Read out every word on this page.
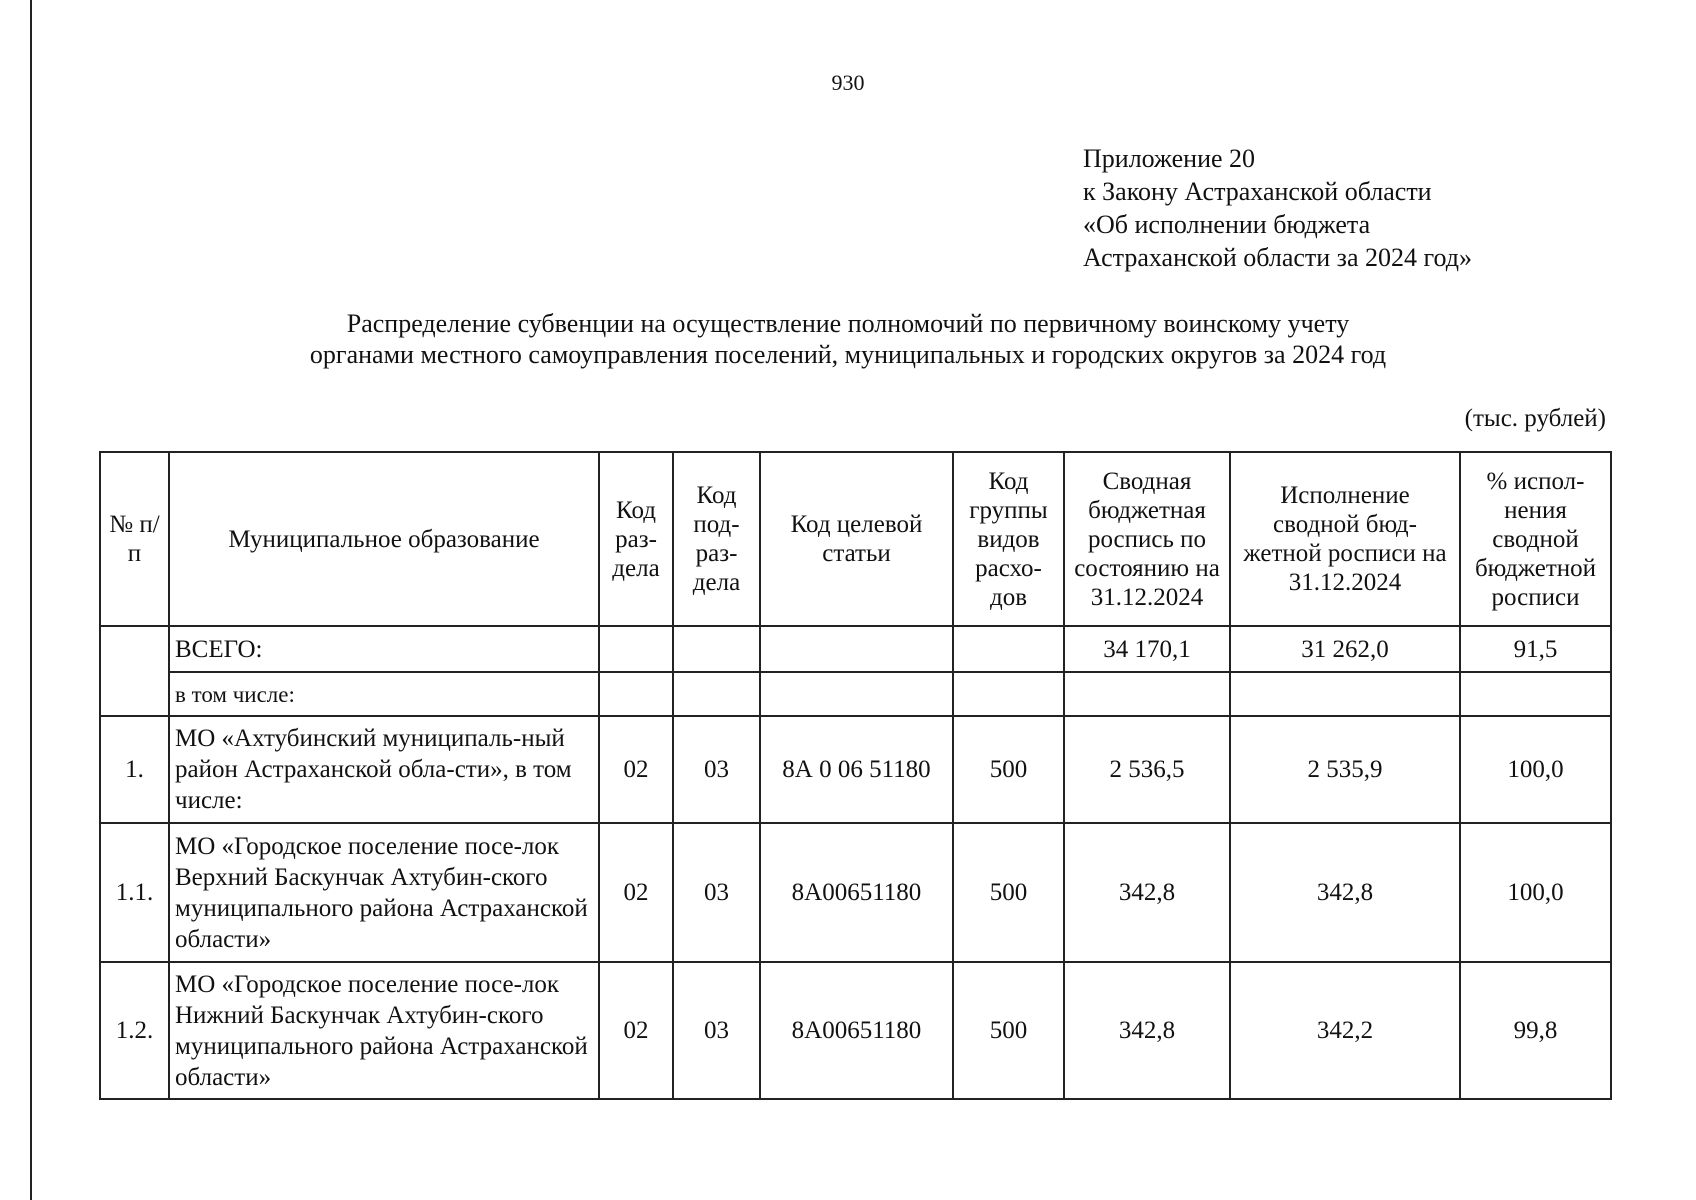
930
Приложение 20
к Закону Астраханской области
«Об исполнении бюджета
Астраханской области за 2024 год»
Распределение субвенции на осуществление полномочий по первичному воинскому учету
органами местного самоуправления поселений, муниципальных и городских округов за 2024 год
(тыс. рублей)
№ п/п	Муниципальное образование	Код раз-дела	Код под-раз-дела	Код целевой статьи	Код группы видов расхо-дов	Сводная бюджетная роспись по состоянию на 31.12.2024	Исполнение сводной бюд-жетной росписи на 31.12.2024	% испол-нения сводной бюджетной росписи
	ВСЕГО:					34 170,1	31 262,0	91,5
	в том числе:							
1.	МО «Ахтубинский муниципаль-ный район Астраханской обла-сти», в том числе:	02	03	8А 0 06 51180	500	2 536,5	2 535,9	100,0
1.1.	МО «Городское поселение посе-лок Верхний Баскунчак Ахтубин-ского муниципального района Астраханской области»	02	03	8А00651180	500	342,8	342,8	100,0
1.2.	МО «Городское поселение посе-лок Нижний Баскунчак Ахтубин-ского муниципального района Астраханской области»	02	03	8А00651180	500	342,8	342,2	99,8
